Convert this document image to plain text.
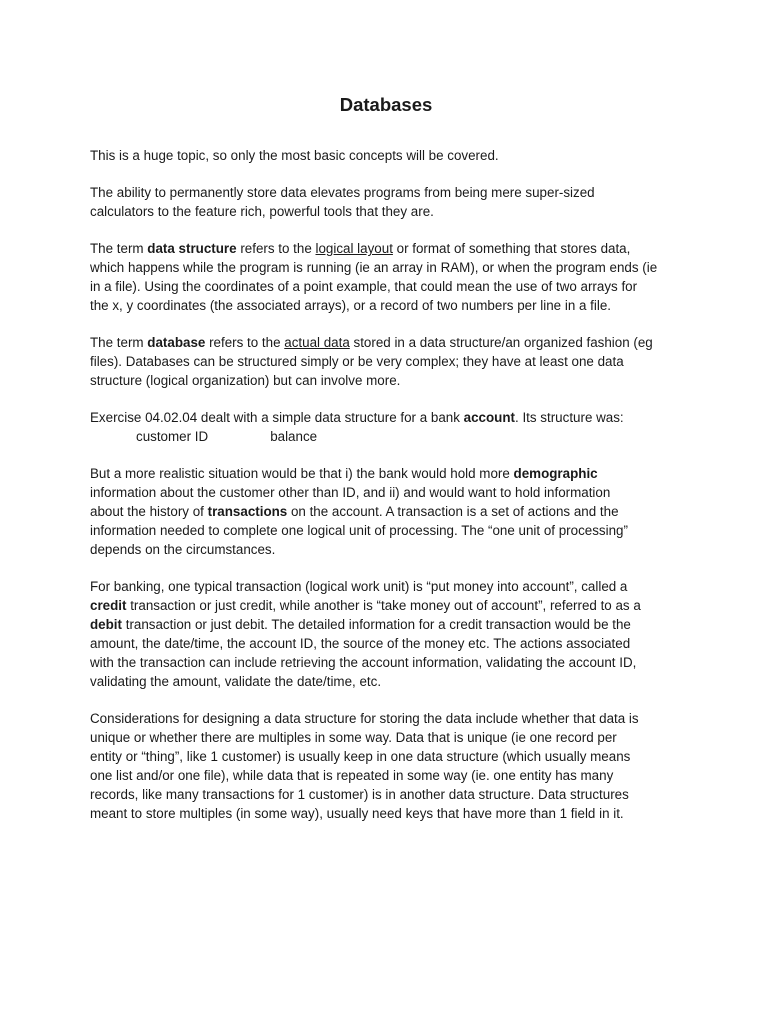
Databases
This is a huge topic, so only the most basic concepts will be covered.
The ability to permanently store data elevates programs from being mere super-sized
calculators to the feature rich, powerful tools that they are.
The term data structure refers to the logical layout or format of something that stores data,
which happens while the program is running (ie an array in RAM), or when the program ends (ie
in a file). Using the coordinates of a point example, that could mean the use of two arrays for
the x, y coordinates (the associated arrays), or a record of two numbers per line in a file.
The term database refers to the actual data stored in a data structure/an organized fashion (eg
files). Databases can be structured simply or be very complex; they have at least one data
structure (logical organization) but can involve more.
Exercise 04.02.04 dealt with a simple data structure for a bank account. Its structure was:
customer ID	balance
But a more realistic situation would be that i) the bank would hold more demographic
information about the customer other than ID, and ii) and would want to hold information
about the history of transactions on the account. A transaction is a set of actions and the
information needed to complete one logical unit of processing. The “one unit of processing”
depends on the circumstances.
For banking, one typical transaction (logical work unit) is “put money into account”, called a
credit transaction or just credit, while another is “take money out of account”, referred to as a
debit transaction or just debit. The detailed information for a credit transaction would be the
amount, the date/time, the account ID, the source of the money etc. The actions associated
with the transaction can include retrieving the account information, validating the account ID,
validating the amount, validate the date/time, etc.
Considerations for designing a data structure for storing the data include whether that data is
unique or whether there are multiples in some way. Data that is unique (ie one record per
entity or “thing”, like 1 customer) is usually keep in one data structure (which usually means
one list and/or one file), while data that is repeated in some way (ie. one entity has many
records, like many transactions for 1 customer) is in another data structure. Data structures
meant to store multiples (in some way), usually need keys that have more than 1 field in it.
